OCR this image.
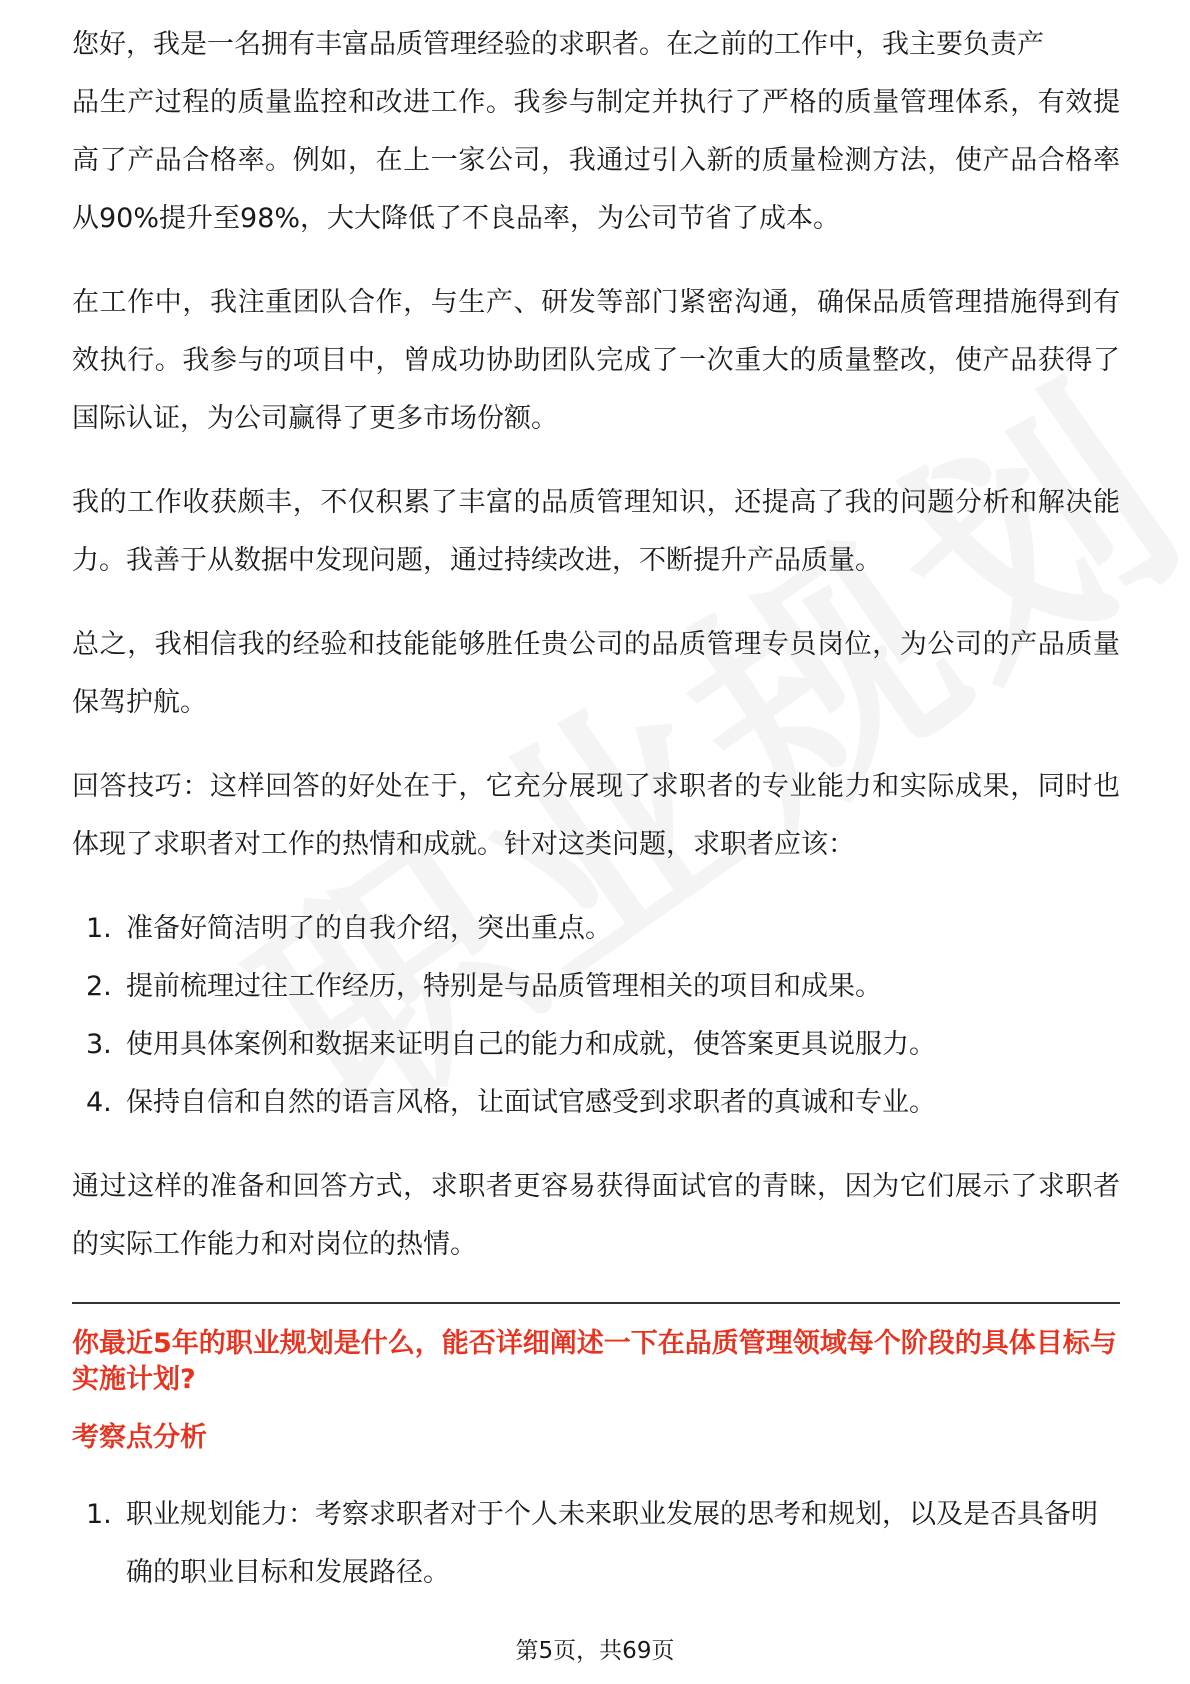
您好，我是一名拥有丰富品质管理经验的求职者。在之前的工作中，我主要负责产

品生产过程的质量监控和改进工作。我参与制定并执行了严格的质量管理体系，有效提高了产品合格率。例如，在上一家公司，我通过引入新的质量检测方法，使产品合格率从90%提升至98%，大大降低了不良品率，为公司节省了成本。

在工作中，我注重团队合作，与生产、研发等部门紧密沟通，确保品质管理措施得到有效执行。我参与的项目中，曾成功协助团队完成了一次重大的质量整改，使产品获得了国际认证，为公司赢得了更多市场份额。

我的工作收获颇丰，不仅积累了丰富的品质管理知识，还提高了我的问题分析和解决能力。我善于从数据中发现问题，通过持续改进，不断提升产品质量。

总之，我相信我的经验和技能能够胜任贵公司的品质管理专员岗位，为公司的产品质量保驾护航。

回答技巧：这样回答的好处在于，它充分展现了求职者的专业能力和实际成果，同时也体现了求职者对工作的热情和成就。针对这类问题，求职者应该：

1. 准备好简洁明了的自我介绍，突出重点。
2. 提前梳理过往工作经历，特别是与品质管理相关的项目和成果。
3. 使用具体案例和数据来证明自己的能力和成就，使答案更具说服力。
4. 保持自信和自然的语言风格，让面试官感受到求职者的真诚和专业。

通过这样的准备和回答方式，求职者更容易获得面试官的青睐，因为它们展示了求职者的实际工作能力和对岗位的热情。

你最近5年的职业规划是什么，能否详细阐述一下在品质管理领域每个阶段的具体目标与实施计划?
考察点分析
1. 职业规划能力：考察求职者对于个人未来职业发展的思考和规划，以及是否具备明确的职业目标和发展路径。
第5页，共69页
